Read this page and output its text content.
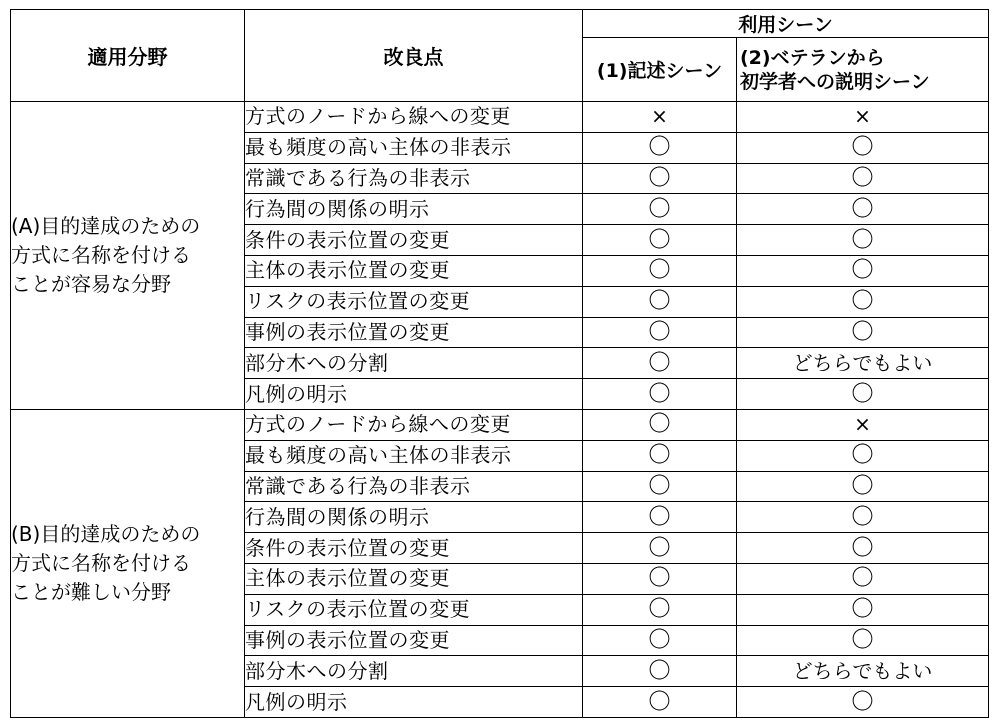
適用分野	改良点	利用シーン	
		(1)記述シーン	(2)ベテランから
初学者への説明シーン

(A)目的達成のための
方式に名称を付ける
ことが容易な分野	方式のノードから線への変更	×	×
	最も頻度の高い主体の非表示	〇	〇
	常識である行為の非表示	〇	〇
	行為間の関係の明示	〇	〇
	条件の表示位置の変更	〇	〇
	主体の表示位置の変更	〇	〇
	リスクの表示位置の変更	〇	〇
	事例の表示位置の変更	〇	〇
	部分木への分割	〇	どちらでもよい
	凡例の明示	〇	〇

(B)目的達成のための
方式に名称を付ける
ことが難しい分野	方式のノードから線への変更	〇	×
	最も頻度の高い主体の非表示	〇	〇
	常識である行為の非表示	〇	〇
	行為間の関係の明示	〇	〇
	条件の表示位置の変更	〇	〇
	主体の表示位置の変更	〇	〇
	リスクの表示位置の変更	〇	〇
	事例の表示位置の変更	〇	〇
	部分木への分割	〇	どちらでもよい
	凡例の明示	〇	〇
